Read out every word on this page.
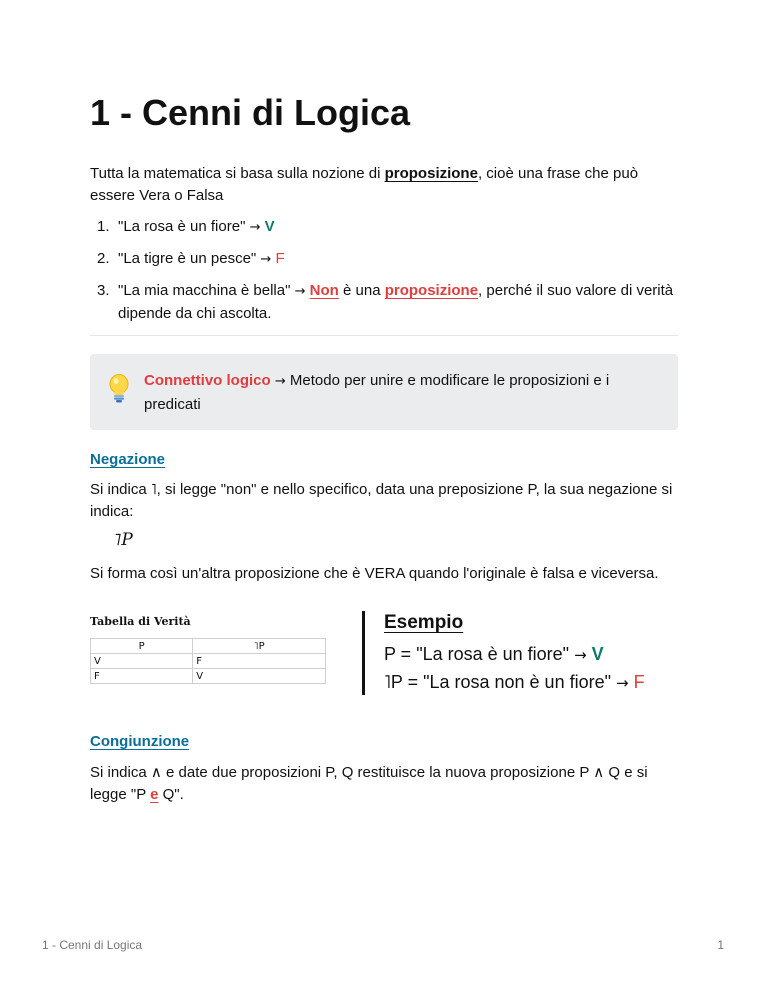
1 - Cenni di Logica
Tutta la matematica si basa sulla nozione di proposizione, cioè una frase che può essere Vera o Falsa
1. "La rosa è un fiore" → V
2. "La tigre è un pesce" → F
3. "La mia macchina è bella" → Non è una proposizione, perché il suo valore di verità dipende da chi ascolta.
Connettivo logico → Metodo per unire e modificare le proposizioni e i predicati
Negazione
Si indica ˥, si legge "non" e nello specifico, data una preposizione P, la sua negazione si indica:
˥P
Si forma così un'altra proposizione che è VERA quando l'originale è falsa e viceversa.
Tabella di Verità
P	˥P
V	F
F	V
Esempio
P = "La rosa è un fiore" → V
˥P = "La rosa non è un fiore" → F
Congiunzione
Si indica ∧ e date due proposizioni P, Q restituisce la nuova proposizione P ∧ Q e si legge "P e Q".
1 - Cenni di Logica	1
